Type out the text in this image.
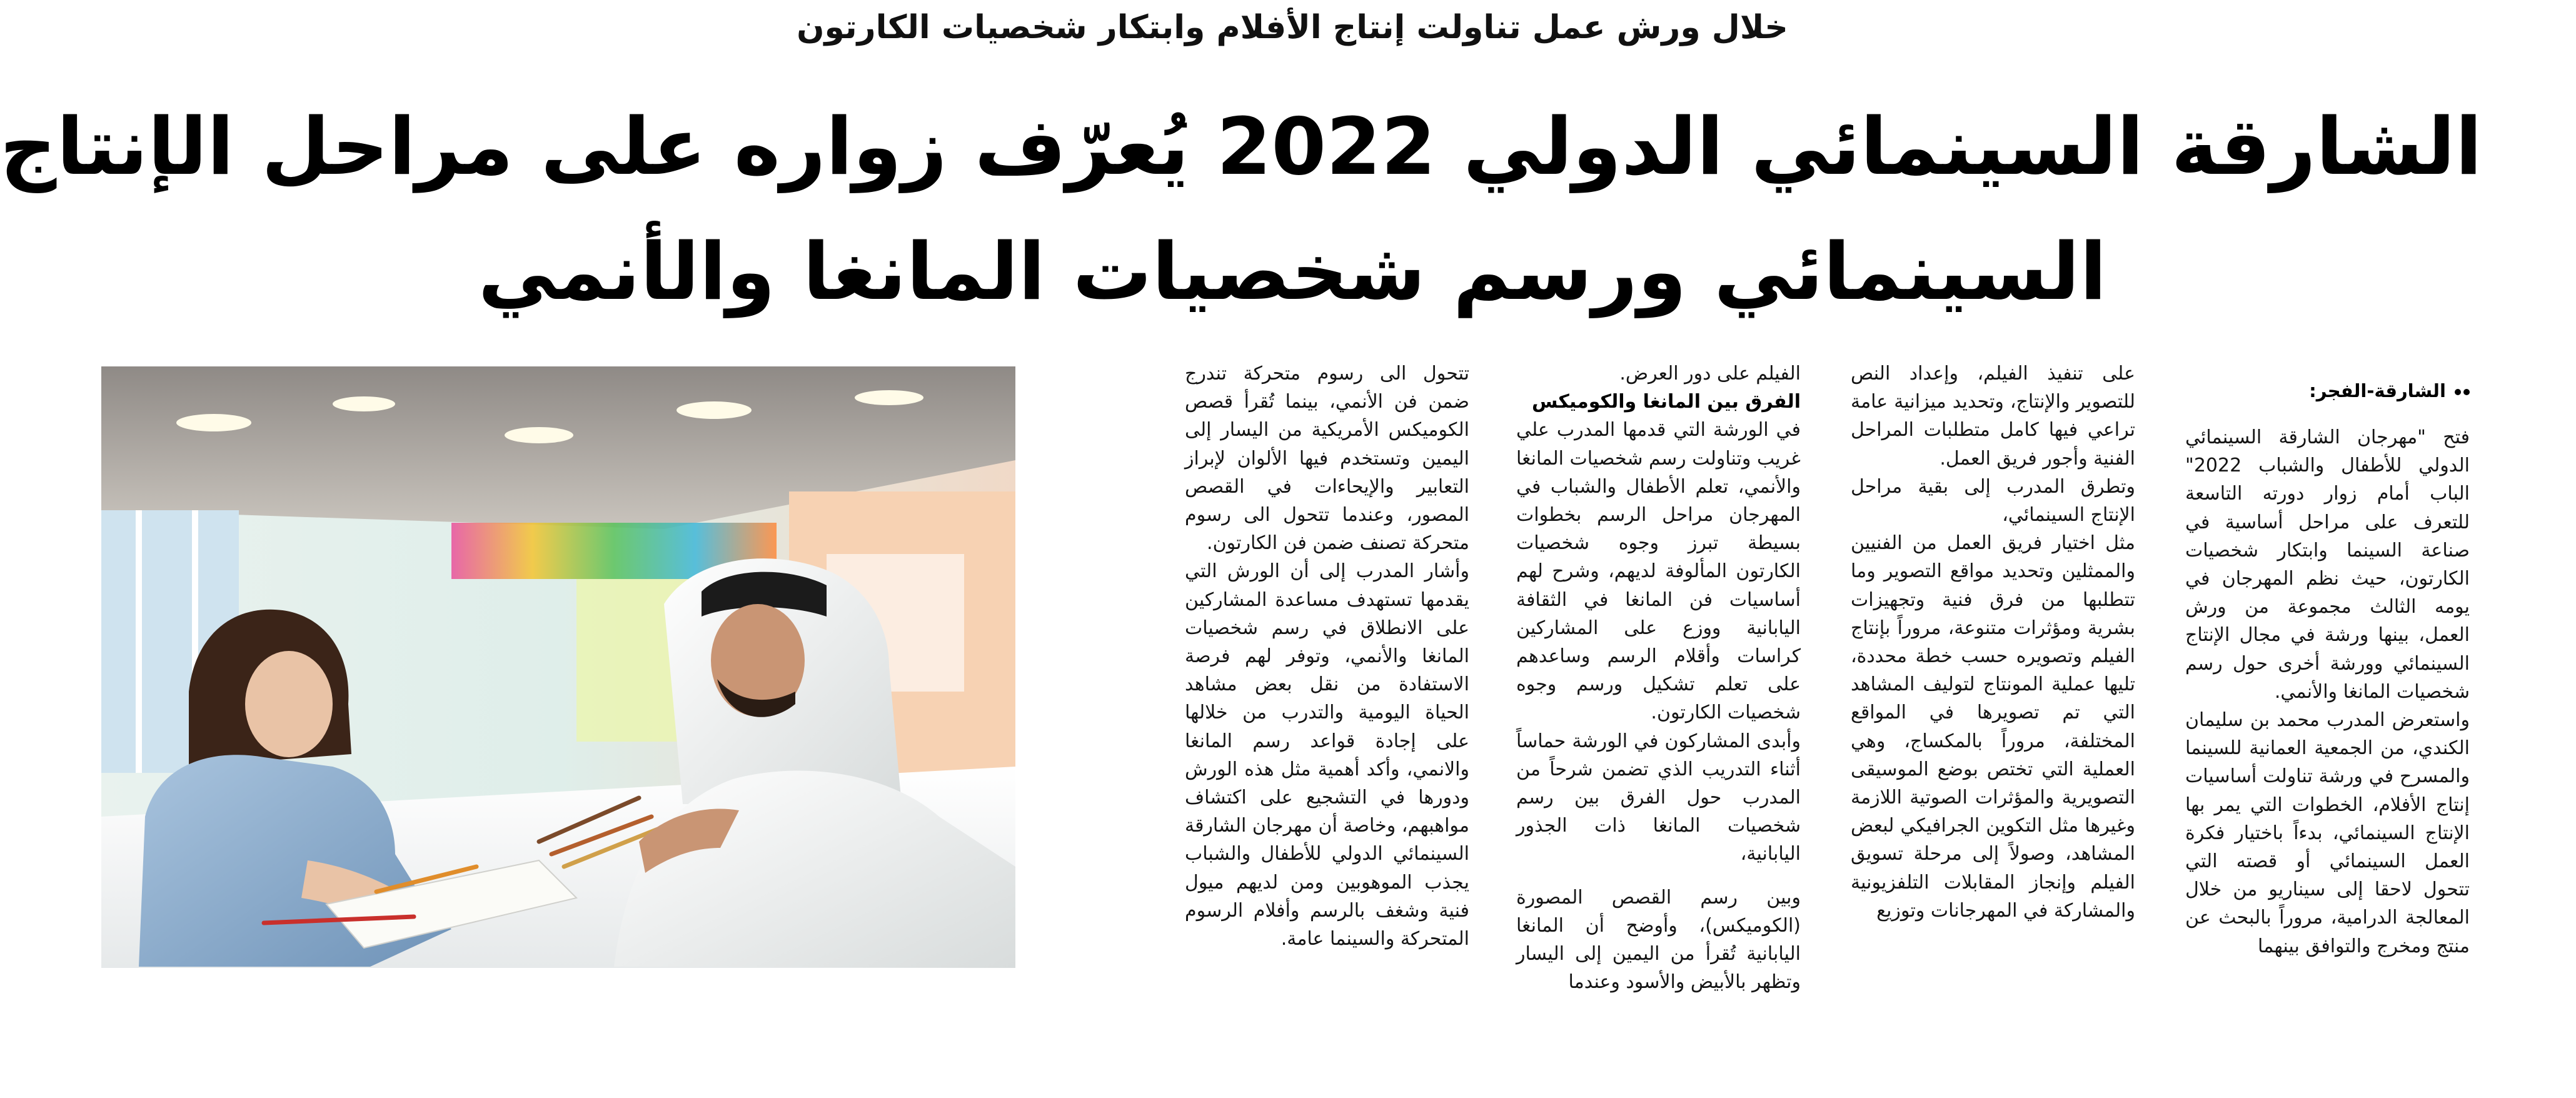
خلال ورش عمل تناولت إنتاج الأفلام وابتكار شخصيات الكارتون
الشارقة السينمائي الدولي 2022 يُعرّف زواره على مراحل الإنتاج
السينمائي ورسم شخصيات المانغا والأنمي

الشارقة-الفجر:

فتح "مهرجان الشارقة السينمائي الدولي للأطفال والشباب 2022" الباب أمام زوار دورته التاسعة للتعرف على مراحل أساسية في صناعة السينما وابتكار شخصيات الكارتون، حيث نظم المهرجان في يومه الثالث مجموعة من ورش العمل، بينها ورشة في مجال الإنتاج السينمائي وورشة أخرى حول رسم شخصيات المانغا والأنمي.

واستعرض المدرب محمد بن سليمان الكندي، من الجمعية العمانية للسينما والمسرح في ورشة تناولت أساسيات إنتاج الأفلام، الخطوات التي يمر بها الإنتاج السينمائي، بدءاً باختيار فكرة العمل السينمائي أو قصته التي تتحول لاحقا إلى سيناريو من خلال المعالجة الدرامية، مروراً بالبحث عن منتج ومخرج والتوافق بينهما

على تنفيذ الفيلم، وإعداد النص للتصوير والإنتاج، وتحديد ميزانية عامة تراعي فيها كامل متطلبات المراحل الفنية وأجور فريق العمل.

وتطرق المدرب إلى بقية مراحل الإنتاج السينمائي،

مثل اختيار فريق العمل من الفنيين والممثلين وتحديد مواقع التصوير وما تتطلبها من فرق فنية وتجهيزات بشرية ومؤثرات متنوعة، مروراً بإنتاج الفيلم وتصويره حسب خطة محددة، تليها عملية المونتاج لتوليف المشاهد التي تم تصويرها في المواقع المختلفة، مروراً بالمكساج، وهي العملية التي تختص بوضع الموسيقى التصويرية والمؤثرات الصوتية اللازمة وغيرها مثل التكوين الجرافيكي لبعض المشاهد، وصولاً إلى مرحلة تسويق الفيلم وإنجاز المقابلات التلفزيونية والمشاركة في المهرجانات وتوزيع

الفيلم على دور العرض.

الفرق بين المانغا والكوميكس

في الورشة التي قدمها المدرب علي غريب وتناولت رسم شخصيات المانغا والأنمي، تعلم الأطفال والشباب في المهرجان مراحل الرسم بخطوات بسيطة تبرز وجوه شخصيات الكارتون المألوفة لديهم، وشرح لهم أساسيات فن المانغا في الثقافة اليابانية ووزع على المشاركين كراسات وأقلام الرسم وساعدهم على تعلم تشكيل ورسم وجوه شخصيات الكارتون.

وأبدى المشاركون في الورشة حماساً أثناء التدريب الذي تضمن شرحاً من المدرب حول الفرق بين رسم شخصيات المانغا ذات الجذور اليابانية،

وبين رسم القصص المصورة (الكوميكس)، وأوضح أن المانغا اليابانية تُقرأ من اليمين إلى اليسار وتظهر بالأبيض والأسود وعندما

تتحول الى رسوم متحركة تندرج ضمن فن الأنمي، بينما تُقرأ قصص الكوميكس الأمريكية من اليسار إلى اليمين وتستخدم فيها الألوان لإبراز التعابير والإيحاءات في القصص المصور، وعندما تتحول الى رسوم متحركة تصنف ضمن فن الكارتون.

وأشار المدرب إلى أن الورش التي يقدمها تستهدف مساعدة المشاركين على الانطلاق في رسم شخصيات المانغا والأنمي، وتوفر لهم فرصة الاستفادة من نقل بعض مشاهد الحياة اليومية والتدرب من خلالها على إجادة قواعد رسم المانغا والانمي، وأكد أهمية مثل هذه الورش ودورها في التشجيع على اكتشاف مواهبهم، وخاصة أن مهرجان الشارقة السينمائي الدولي للأطفال والشباب يجذب الموهوبين ومن لديهم ميول فنية وشغف بالرسم وأفلام الرسوم المتحركة والسينما عامة.
